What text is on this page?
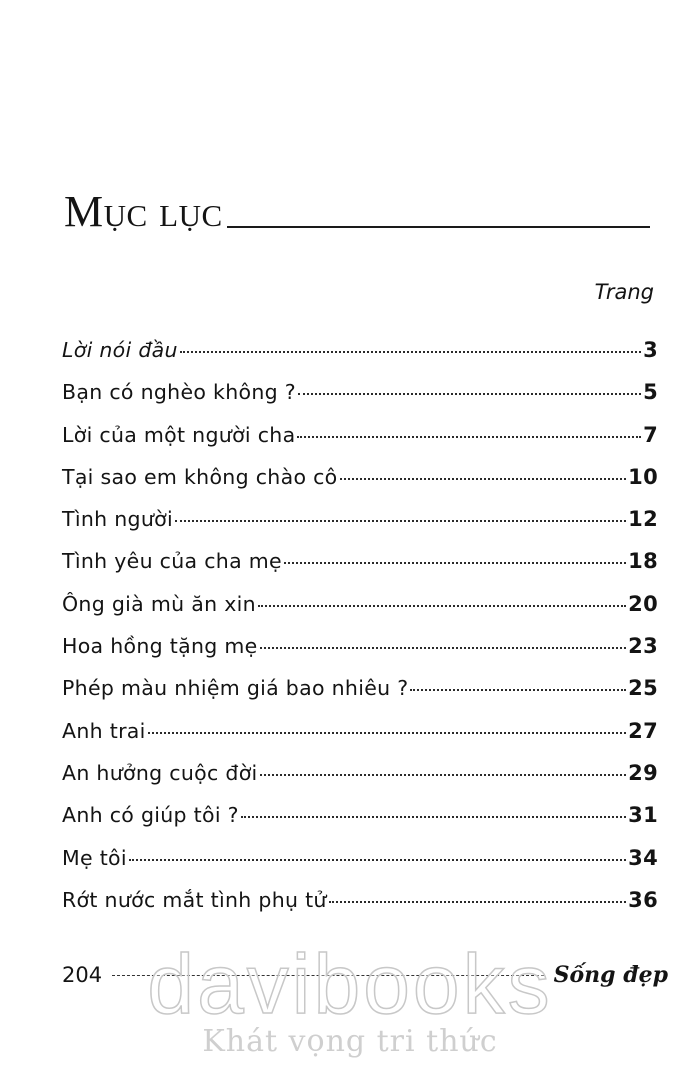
Mục lục
Trang
Lời nói đầu	3
Bạn có nghèo không ?	5
Lời của một người cha	7
Tại sao em không chào cô	10
Tình người	12
Tình yêu của cha mẹ	18
Ông già mù ăn xin	20
Hoa hồng tặng mẹ	23
Phép màu nhiệm giá bao nhiêu ?	25
Anh trai	27
An hưởng cuộc đời	29
Anh có giúp tôi ?	31
Mẹ tôi	34
Rớt nước mắt tình phụ tử	36
204	Sống đẹp
davibooks
Khát vọng tri thức
